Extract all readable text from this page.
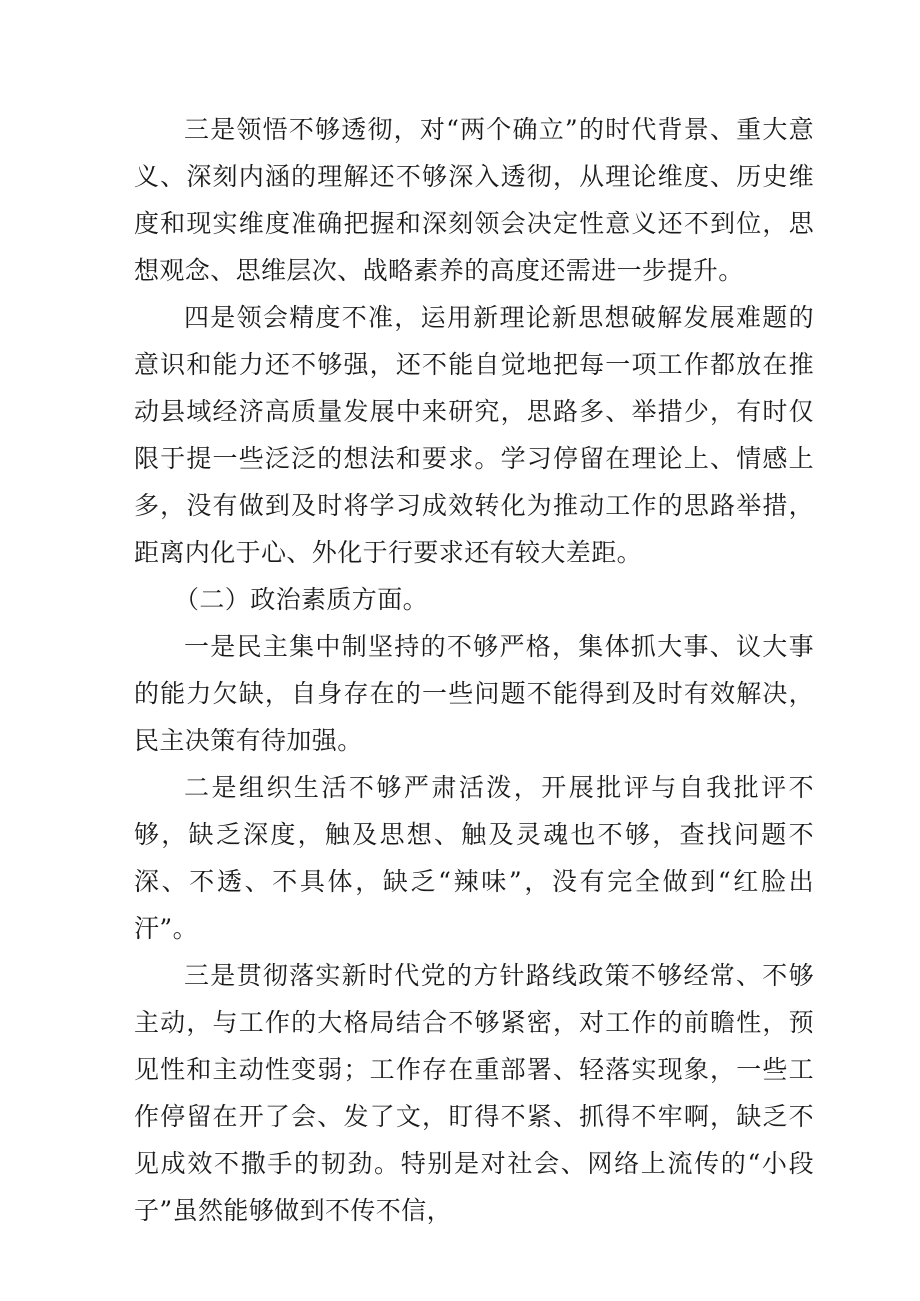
三是领悟不够透彻，对“两个确立”的时代背景、重大意义、深刻内涵的理解还不够深入透彻，从理论维度、历史维度和现实维度准确把握和深刻领会决定性意义还不到位，思想观念、思维层次、战略素养的高度还需进一步提升。

四是领会精度不准，运用新理论新思想破解发展难题的意识和能力还不够强，还不能自觉地把每一项工作都放在推动县域经济高质量发展中来研究，思路多、举措少，有时仅限于提一些泛泛的想法和要求。学习停留在理论上、情感上多，没有做到及时将学习成效转化为推动工作的思路举措，距离内化于心、外化于行要求还有较大差距。

（二）政治素质方面。

一是民主集中制坚持的不够严格，集体抓大事、议大事的能力欠缺，自身存在的一些问题不能得到及时有效解决，民主决策有待加强。

二是组织生活不够严肃活泼，开展批评与自我批评不够，缺乏深度，触及思想、触及灵魂也不够，查找问题不深、不透、不具体，缺乏“辣味”，没有完全做到“红脸出汗”。

三是贯彻落实新时代党的方针路线政策不够经常、不够主动，与工作的大格局结合不够紧密，对工作的前瞻性，预见性和主动性变弱；工作存在重部署、轻落实现象，一些工作停留在开了会、发了文，盯得不紧、抓得不牢啊，缺乏不见成效不撒手的韧劲。特别是对社会、网络上流传的“小段子”虽然能够做到不传不信，
